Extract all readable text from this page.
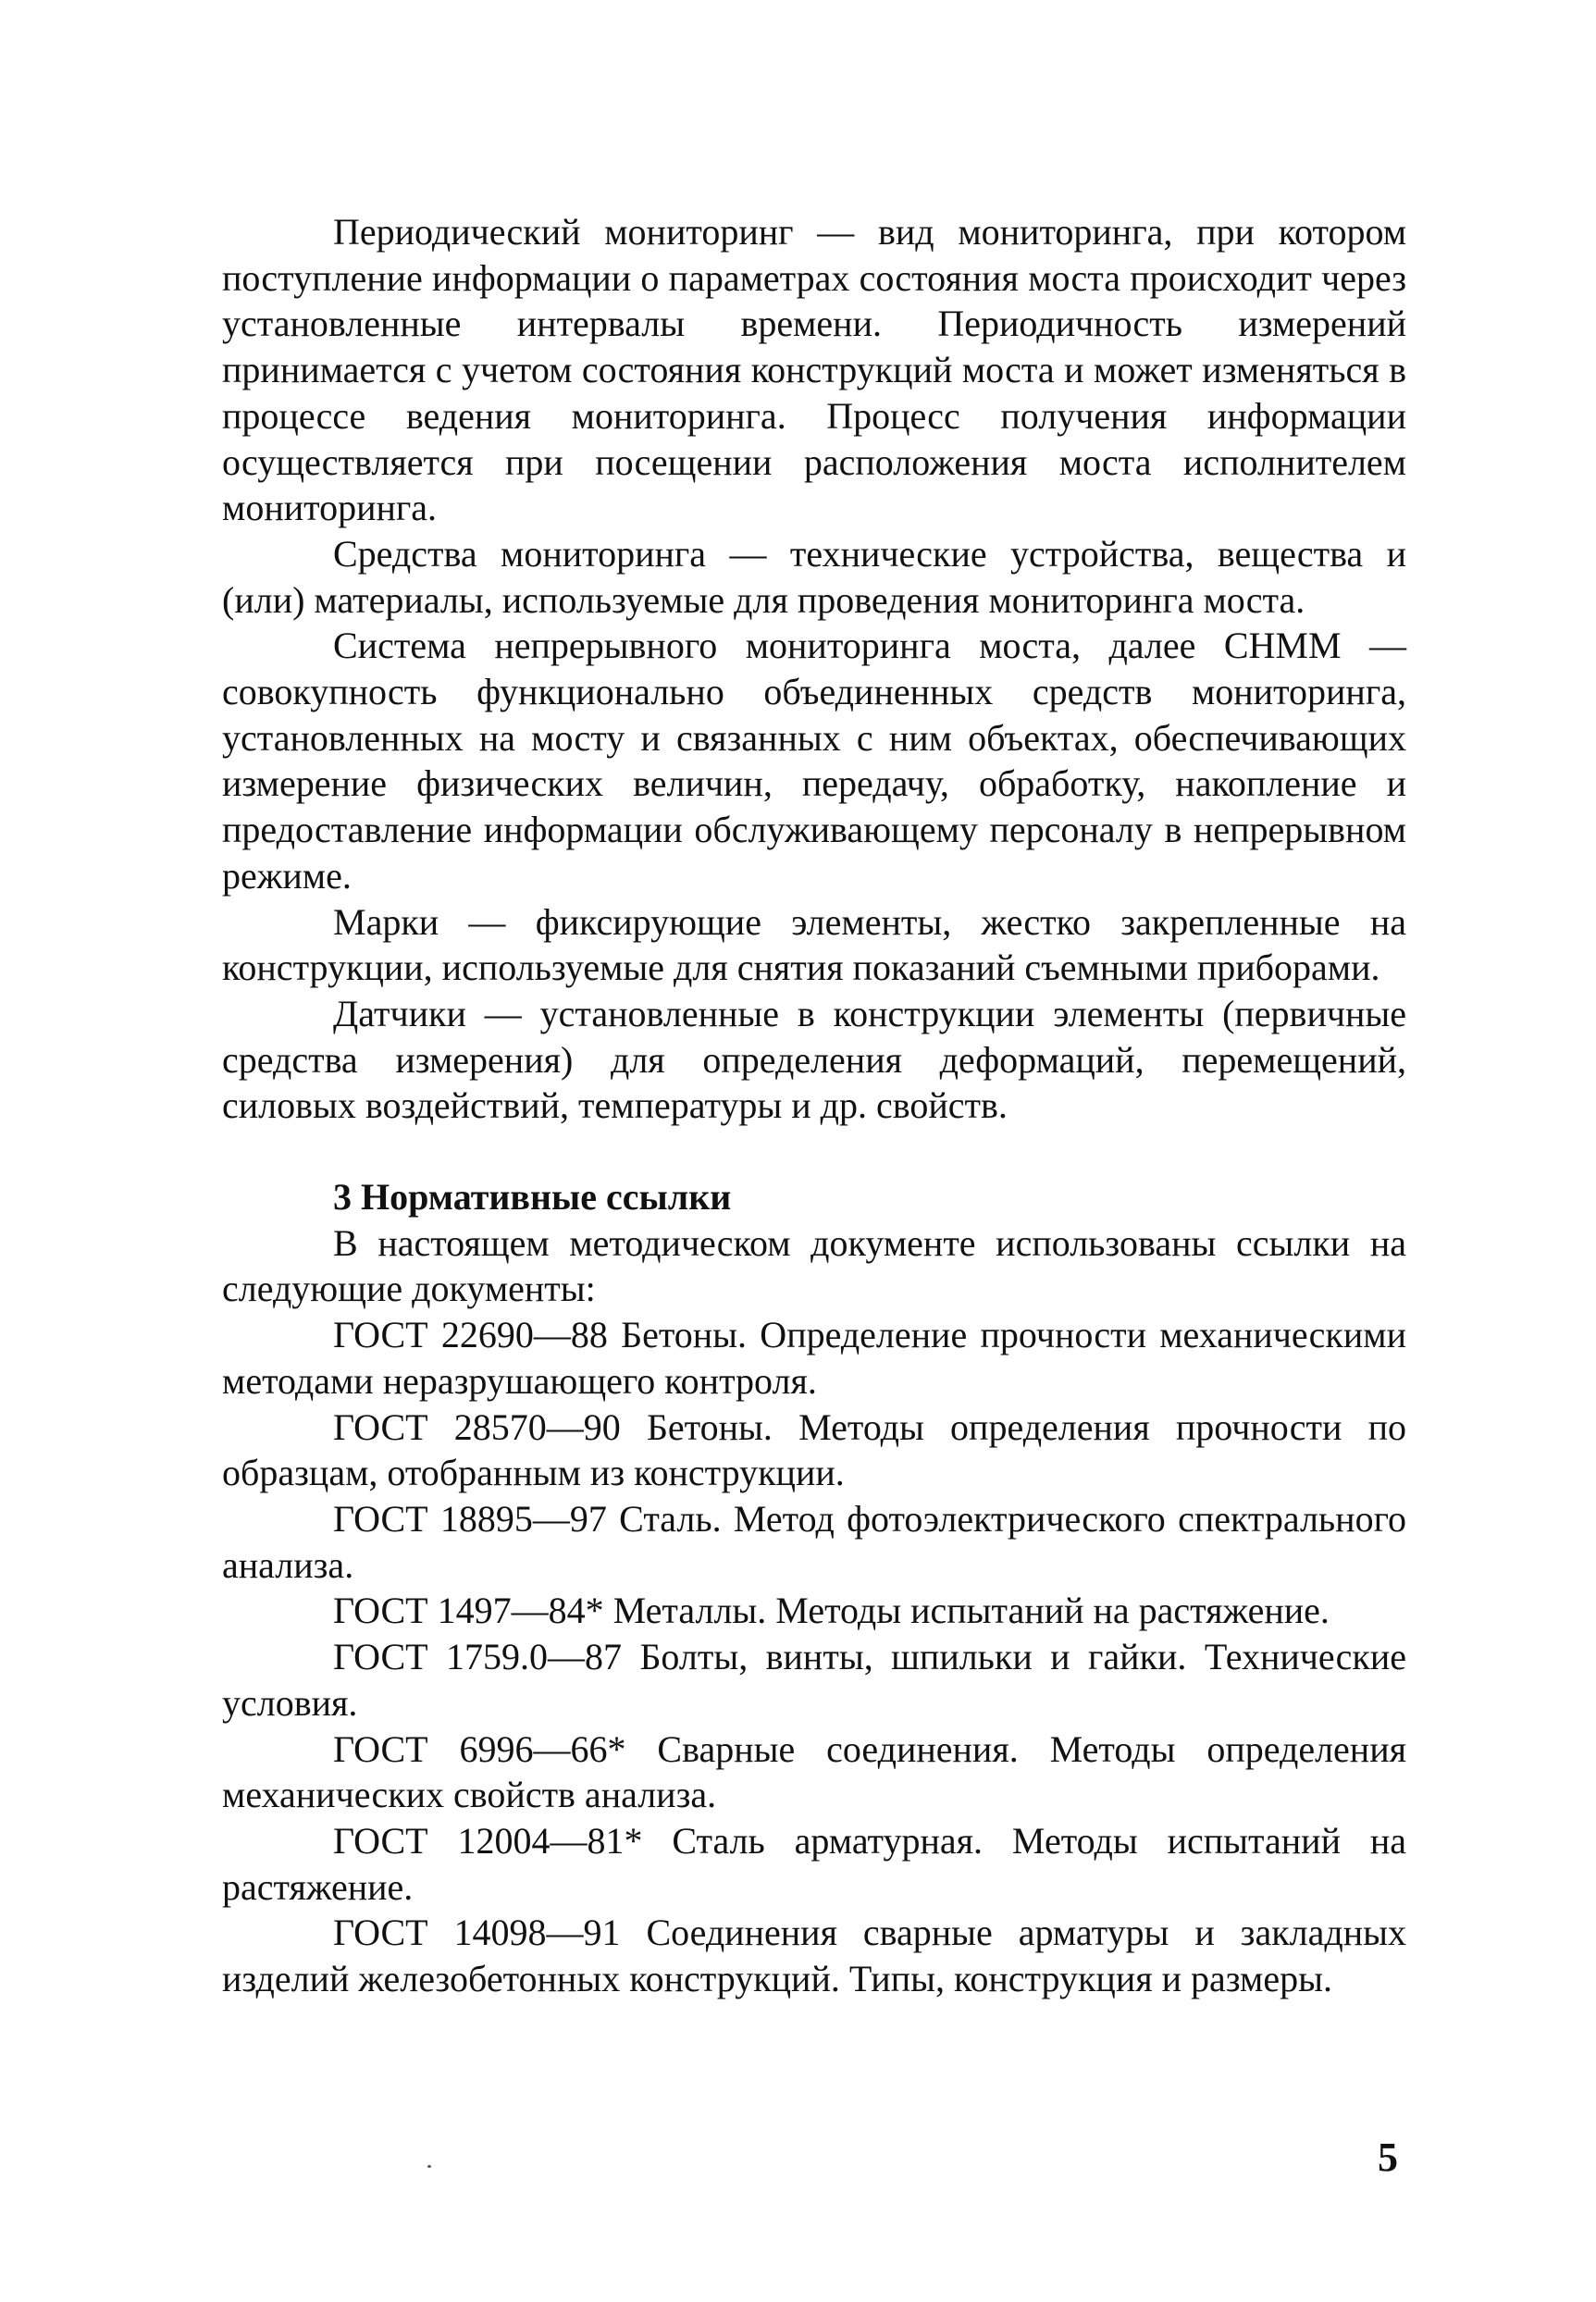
Периодический мониторинг — вид мониторинга, при котором поступление информации о параметрах состояния моста происходит через установленные интервалы времени. Периодичность измерений принимается с учетом состояния конструкций моста и может изменяться в процессе ведения мониторинга. Процесс получения информации осуществляется при посещении расположения моста исполнителем мониторинга.

Средства мониторинга — технические устройства, вещества и (или) материалы, используемые для проведения мониторинга моста.

Система непрерывного мониторинга моста, далее СНММ — совокупность функционально объединенных средств мониторинга, установленных на мосту и связанных с ним объектах, обеспечивающих измерение физических величин, передачу, обработку, накопление и предоставление информации обслуживающему персоналу в непрерывном режиме.

Марки — фиксирующие элементы, жестко закрепленные на конструкции, используемые для снятия показаний съемными приборами.

Датчики — установленные в конструкции элементы (первичные средства измерения) для определения деформаций, перемещений, силовых воздействий, температуры и др. свойств.

3 Нормативные ссылки

В настоящем методическом документе использованы ссылки на следующие документы:

ГОСТ 22690—88 Бетоны. Определение прочности механическими методами неразрушающего контроля.

ГОСТ 28570—90 Бетоны. Методы определения прочности по образцам, отобранным из конструкции.

ГОСТ 18895—97 Сталь. Метод фотоэлектрического спектрального анализа.

ГОСТ 1497—84* Металлы. Методы испытаний на растяжение.

ГОСТ 1759.0—87 Болты, винты, шпильки и гайки. Технические условия.

ГОСТ 6996—66* Сварные соединения. Методы определения механических свойств анализа.

ГОСТ 12004—81* Сталь арматурная. Методы испытаний на растяжение.

ГОСТ 14098—91 Соединения сварные арматуры и закладных изделий железобетонных конструкций. Типы, конструкция и размеры.

5
